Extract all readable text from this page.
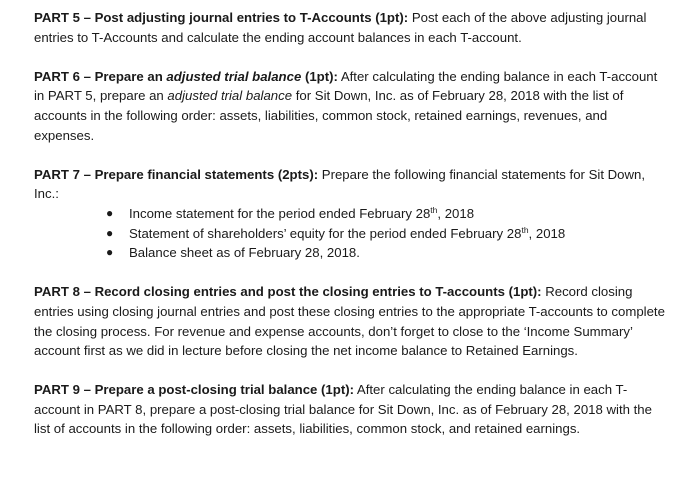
PART 5 – Post adjusting journal entries to T-Accounts (1pt): Post each of the above adjusting journal entries to T-Accounts and calculate the ending account balances in each T-account.

PART 6 – Prepare an adjusted trial balance (1pt): After calculating the ending balance in each T-account in PART 5, prepare an adjusted trial balance for Sit Down, Inc. as of February 28, 2018 with the list of accounts in the following order: assets, liabilities, common stock, retained earnings, revenues, and expenses.

PART 7 – Prepare financial statements (2pts): Prepare the following financial statements for Sit Down, Inc.:

● Income statement for the period ended February 28th, 2018
● Statement of shareholders’ equity for the period ended February 28th, 2018
● Balance sheet as of February 28, 2018.

PART 8 – Record closing entries and post the closing entries to T-accounts (1pt): Record closing entries using closing journal entries and post these closing entries to the appropriate T-accounts to complete the closing process. For revenue and expense accounts, don’t forget to close to the ‘Income Summary’ account first as we did in lecture before closing the net income balance to Retained Earnings.

PART 9 – Prepare a post-closing trial balance (1pt): After calculating the ending balance in each T-account in PART 8, prepare a post-closing trial balance for Sit Down, Inc. as of February 28, 2018 with the list of accounts in the following order: assets, liabilities, common stock, and retained earnings.
